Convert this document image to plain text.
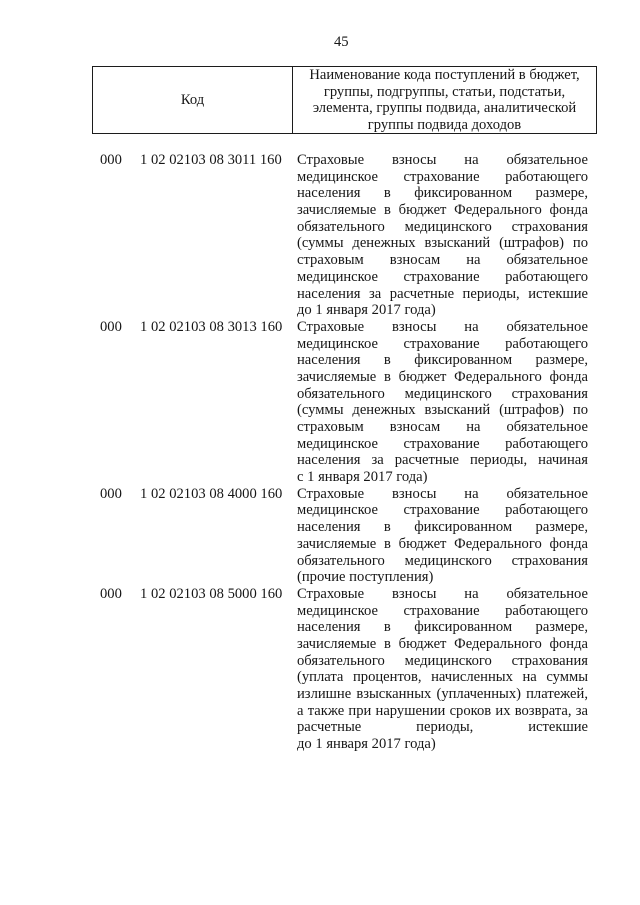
45
Код
Наименование кода поступлений в бюджет,
группы, подгруппы, статьи, подстатьи,
элемента, группы подвида, аналитической
группы подвида доходов
000 1 02 02103 08 3011 160 Страховые взносы на обязательное
медицинское страхование работающего
населения в фиксированном размере,
зачисляемые в бюджет Федерального фонда
обязательного медицинского страхования
(суммы денежных взысканий (штрафов) по
страховым взносам на обязательное
медицинское страхование работающего
населения за расчетные периоды, истекшие
до 1 января 2017 года)
000 1 02 02103 08 3013 160 Страховые взносы на обязательное
медицинское страхование работающего
населения в фиксированном размере,
зачисляемые в бюджет Федерального фонда
обязательного медицинского страхования
(суммы денежных взысканий (штрафов) по
страховым взносам на обязательное
медицинское страхование работающего
населения за расчетные периоды, начиная
с 1 января 2017 года)
000 1 02 02103 08 4000 160 Страховые взносы на обязательное
медицинское страхование работающего
населения в фиксированном размере,
зачисляемые в бюджет Федерального фонда
обязательного медицинского страхования
(прочие поступления)
000 1 02 02103 08 5000 160 Страховые взносы на обязательное
медицинское страхование работающего
населения в фиксированном размере,
зачисляемые в бюджет Федерального фонда
обязательного медицинского страхования
(уплата процентов, начисленных на суммы
излишне взысканных (уплаченных) платежей,
а также при нарушении сроков их возврата, за
расчетные периоды, истекшие
до 1 января 2017 года)
